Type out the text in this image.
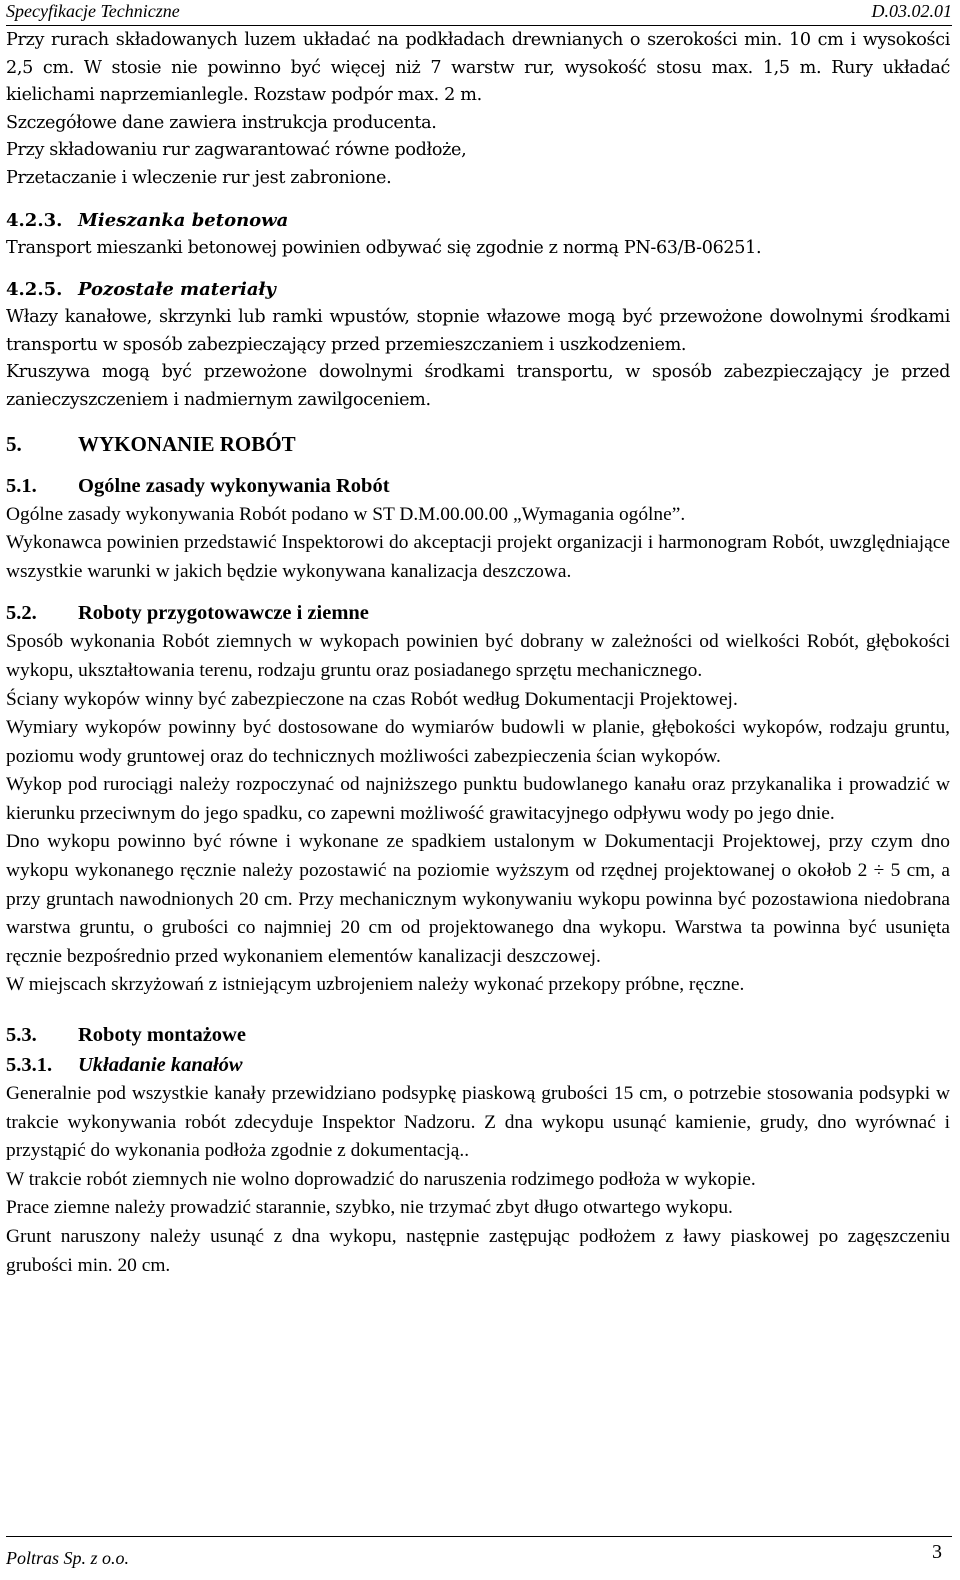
Specyfikacje Techniczne	D.03.02.01

Przy rurach składowanych luzem układać na podkładach drewnianych o szerokości min. 10 cm i wysokości 2,5 cm. W stosie nie powinno być więcej niż 7 warstw rur, wysokość stosu max. 1,5 m. Rury układać kielichami naprzemianlegle. Rozstaw podpór max. 2 m.

Szczegółowe dane zawiera instrukcja producenta.

Przy składowaniu rur zagwarantować równe podłoże,

Przetaczanie i wleczenie rur jest zabronione.

4.2.3. Mieszanka betonowa

Transport mieszanki betonowej powinien odbywać się zgodnie z normą PN-63/B-06251.

4.2.5. Pozostałe materiały

Włazy kanałowe, skrzynki lub ramki wpustów, stopnie włazowe mogą być przewożone dowolnymi środkami transportu w sposób zabezpieczający przed przemieszczaniem i uszkodzeniem.

Kruszywa mogą być przewożone dowolnymi środkami transportu, w sposób zabezpieczający je przed zanieczyszczeniem i nadmiernym zawilgoceniem.

5.	WYKONANIE ROBÓT
5.1. Ogólne zasady wykonywania Robót

Ogólne zasady wykonywania Robót podano w ST D.M.00.00.00 „Wymagania ogólne”.

Wykonawca powinien przedstawić Inspektorowi do akceptacji projekt organizacji i harmonogram Robót, uwzględniające wszystkie warunki w jakich będzie wykonywana kanalizacja deszczowa.

5.2. Roboty przygotowawcze i ziemne

Sposób wykonania Robót ziemnych w wykopach powinien być dobrany w zależności od wielkości Robót, głębokości wykopu, ukształtowania terenu, rodzaju gruntu oraz posiadanego sprzętu mechanicznego.

Ściany wykopów winny być zabezpieczone na czas Robót według Dokumentacji Projektowej.

Wymiary wykopów powinny być dostosowane do wymiarów budowli w planie, głębokości wykopów, rodzaju gruntu, poziomu wody gruntowej oraz do technicznych możliwości zabezpieczenia ścian wykopów.

Wykop pod rurociągi należy rozpoczynać od najniższego punktu budowlanego kanału oraz przykanalika i prowadzić w kierunku przeciwnym do jego spadku, co zapewni możliwość grawitacyjnego odpływu wody po jego dnie.

Dno wykopu powinno być równe i wykonane ze spadkiem ustalonym w Dokumentacji Projektowej, przy czym dno wykopu wykonanego ręcznie należy pozostawić na poziomie wyższym od rzędnej projektowanej o okołob 2 ÷ 5 cm, a przy gruntach nawodnionych 20 cm. Przy mechanicznym wykonywaniu wykopu powinna być pozostawiona niedobrana warstwa gruntu, o grubości co najmniej 20 cm od projektowanego dna wykopu. Warstwa ta powinna być usunięta ręcznie bezpośrednio przed wykonaniem elementów kanalizacji deszczowej.

W miejscach skrzyżowań z istniejącym uzbrojeniem należy wykonać przekopy próbne, ręczne.

5.3. Roboty montażowe
5.3.1. Układanie kanałów

Generalnie pod wszystkie kanały przewidziano podsypkę piaskową grubości 15 cm, o potrzebie stosowania podsypki w trakcie wykonywania robót zdecyduje Inspektor Nadzoru. Z dna wykopu usunąć kamienie, grudy, dno wyrównać i przystąpić do wykonania podłoża zgodnie z dokumentacją..

W trakcie robót ziemnych nie wolno doprowadzić do naruszenia rodzimego podłoża w wykopie.

Prace ziemne należy prowadzić starannie, szybko, nie trzymać zbyt długo otwartego wykopu.

Grunt naruszony należy usunąć z dna wykopu, następnie zastępując podłożem z ławy piaskowej po zagęszczeniu grubości min. 20 cm.

Poltras Sp. z o.o.	3
